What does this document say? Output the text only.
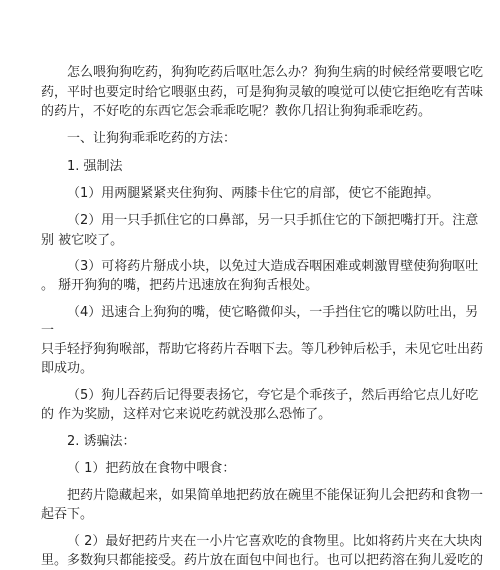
怎么喂狗狗吃药，狗狗吃药后呕吐怎么办？狗狗生病的时候经常要喂它吃
药，平时也要定时给它喂驱虫药，可是狗狗灵敏的嗅觉可以使它拒绝吃有苦味
的药片，不好吃的东西它怎会乖乖吃呢？教你几招让狗狗乖乖吃药。
一、让狗狗乖乖吃药的方法：
1. 强制法
（1）用两腿紧紧夹住狗狗、两膝卡住它的肩部，使它不能跑掉。
（2）用一只手抓住它的口鼻部，另一只手抓住它的下颌把嘴打开。注意
别 被它咬了。
（3）可将药片掰成小块，以免过大造成吞咽困难或刺激胃壁使狗狗呕吐
。 掰开狗狗的嘴，把药片迅速放在狗狗舌根处。
（4）迅速合上狗狗的嘴，使它略微仰头，一手挡住它的嘴以防吐出，另
一
只手轻抒狗狗喉部，帮助它将药片吞咽下去。等几秒钟后松手，未见它吐出药
即成功。
（5）狗儿吞药后记得要表扬它，夸它是个乖孩子，然后再给它点儿好吃
的 作为奖励，这样对它来说吃药就没那么恐怖了。
2. 诱骗法：
（ 1）把药放在食物中喂食：
把药片隐藏起来，如果简单地把药放在碗里不能保证狗儿会把药和食物一
起吞下。
（ 2）最好把药片夹在一小片它喜欢吃的食物里。比如将药片夹在大块肉
里。多数狗只都能接受。药片放在面包中间也行。也可以把药溶在狗儿爱吃的
